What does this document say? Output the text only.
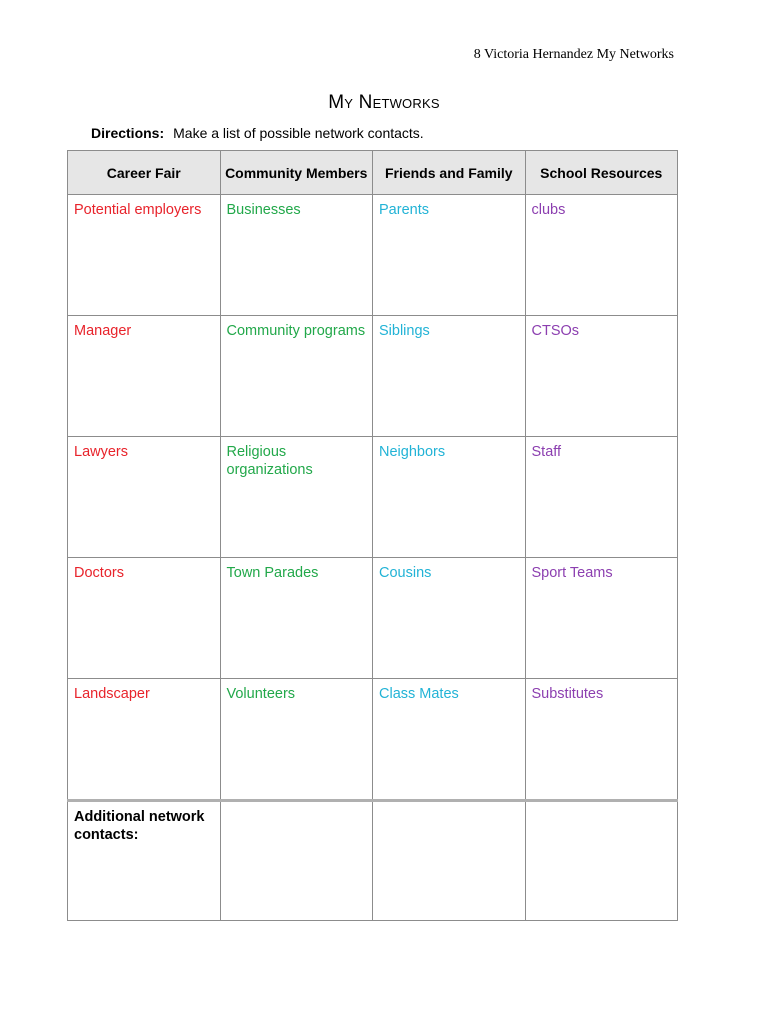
8 Victoria Hernandez My Networks
My Networks
Directions: Make a list of possible network contacts.
Career Fair	Community Members	Friends and Family	School Resources
Potential employers	Businesses	Parents	clubs
Manager	Community programs	Siblings	CTSOs
Lawyers	Religious organizations	Neighbors	Staff
Doctors	Town Parades	Cousins	Sport Teams
Landscaper	Volunteers	Class Mates	Substitutes
Additional network contacts:			
